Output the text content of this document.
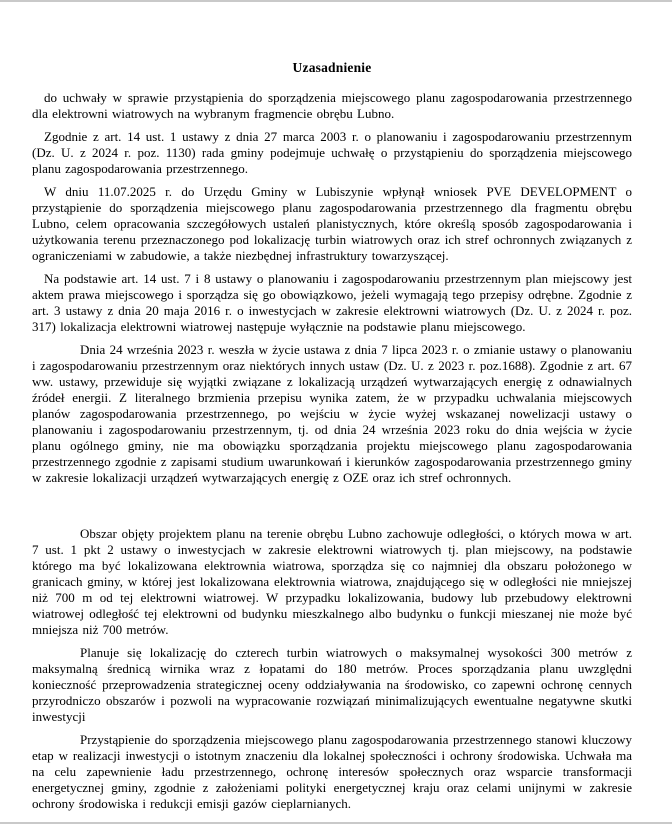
Uzasadnienie

do uchwały w sprawie przystąpienia do sporządzenia miejscowego planu zagospodarowania przestrzennego dla elektrowni wiatrowych na wybranym fragmencie obrębu Lubno.

Zgodnie z art. 14 ust. 1 ustawy z dnia 27 marca 2003 r. o planowaniu i zagospodarowaniu przestrzennym (Dz. U. z 2024 r. poz. 1130) rada gminy podejmuje uchwałę o przystąpieniu do sporządzenia miejscowego planu zagospodarowania przestrzennego.

W dniu 11.07.2025 r. do Urzędu Gminy w Lubiszynie wpłynął wniosek PVE DEVELOPMENT o przystąpienie do sporządzenia miejscowego planu zagospodarowania przestrzennego dla fragmentu obrębu Lubno, celem opracowania szczegółowych ustaleń planistycznych, które określą sposób zagospodarowania i użytkowania terenu przeznaczonego pod lokalizację turbin wiatrowych oraz ich stref ochronnych związanych z ograniczeniami w zabudowie, a także niezbędnej infrastruktury towarzyszącej.

Na podstawie art. 14 ust. 7 i 8 ustawy o planowaniu i zagospodarowaniu przestrzennym plan miejscowy jest aktem prawa miejscowego i sporządza się go obowiązkowo, jeżeli wymagają tego przepisy odrębne. Zgodnie z art. 3 ustawy z dnia 20 maja 2016 r. o inwestycjach w zakresie elektrowni wiatrowych (Dz. U. z 2024 r. poz. 317) lokalizacja elektrowni wiatrowej następuje wyłącznie na podstawie planu miejscowego.

Dnia 24 września 2023 r. weszła w życie ustawa z dnia 7 lipca 2023 r. o zmianie ustawy o planowaniu i zagospodarowaniu przestrzennym oraz niektórych innych ustaw (Dz. U. z 2023 r. poz.1688). Zgodnie z art. 67 ww. ustawy, przewiduje się wyjątki związane z lokalizacją urządzeń wytwarzających energię z odnawialnych źródeł energii. Z literalnego brzmienia przepisu wynika zatem, że w przypadku uchwalania miejscowych planów zagospodarowania przestrzennego, po wejściu w życie wyżej wskazanej nowelizacji ustawy o planowaniu i zagospodarowaniu przestrzennym, tj. od dnia 24 września 2023 roku do dnia wejścia w życie planu ogólnego gminy, nie ma obowiązku sporządzania projektu miejscowego planu zagospodarowania przestrzennego zgodnie z zapisami studium uwarunkowań i kierunków zagospodarowania przestrzennego gminy w zakresie lokalizacji urządzeń wytwarzających energię z OZE oraz ich stref ochronnych.

Obszar objęty projektem planu na terenie obrębu Lubno zachowuje odległości, o których mowa w art. 7 ust. 1 pkt 2 ustawy o inwestycjach w zakresie elektrowni wiatrowych tj. plan miejscowy, na podstawie którego ma być lokalizowana elektrownia wiatrowa, sporządza się co najmniej dla obszaru położonego w granicach gminy, w której jest lokalizowana elektrownia wiatrowa, znajdującego się w odległości nie mniejszej niż 700 m od tej elektrowni wiatrowej. W przypadku lokalizowania, budowy lub przebudowy elektrowni wiatrowej odległość tej elektrowni od budynku mieszkalnego albo budynku o funkcji mieszanej nie może być mniejsza niż 700 metrów.

Planuje się lokalizację do czterech turbin wiatrowych o maksymalnej wysokości 300 metrów z maksymalną średnicą wirnika wraz z łopatami do 180 metrów. Proces sporządzania planu uwzględni konieczność przeprowadzenia strategicznej oceny oddziaływania na środowisko, co zapewni ochronę cennych przyrodniczo obszarów i pozwoli na wypracowanie rozwiązań minimalizujących ewentualne negatywne skutki inwestycji

Przystąpienie do sporządzenia miejscowego planu zagospodarowania przestrzennego stanowi kluczowy etap w realizacji inwestycji o istotnym znaczeniu dla lokalnej społeczności i ochrony środowiska. Uchwała ma na celu zapewnienie ładu przestrzennego, ochronę interesów społecznych oraz wsparcie transformacji energetycznej gminy, zgodnie z założeniami polityki energetycznej kraju oraz celami unijnymi w zakresie ochrony środowiska i redukcji emisji gazów cieplarnianych.
